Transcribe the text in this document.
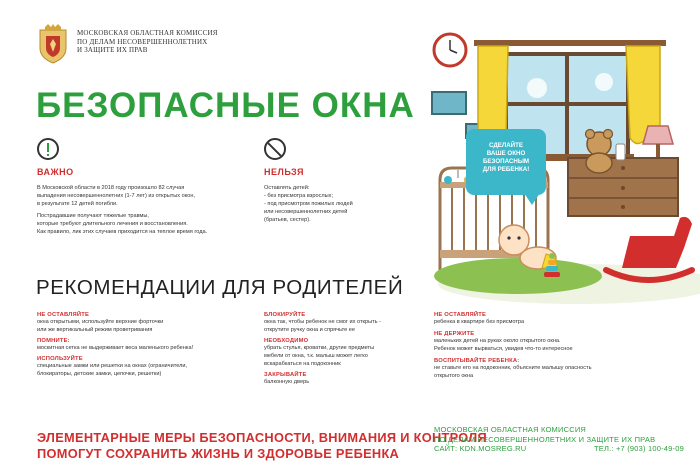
МОСКОВСКАЯ ОБЛАСТНАЯ КОМИССИЯ
ПО ДЕЛАМ НЕСОВЕРШЕННОЛЕТНИХ
И ЗАЩИТЕ ИХ ПРАВ
БЕЗОПАСНЫЕ ОКНА
ВАЖНО
В Московской области в 2018 году произошло 82 случая
выпадения несовершеннолетних (1-7 лет) из открытых окон,
в результате 12 детей погибли.
Пострадавшие получают тяжелые травмы,
которые требуют длительного лечения и восстановления.
Как правило, лик этих случаев приходится на теплое время года.
НЕЛЬЗЯ
Оставлять детей:
- без присмотра взрослых;
- под присмотром пожилых людей
или несовершеннолетних детей
(братьев, сестер).
СДЕЛАЙТЕ
ВАШЕ ОКНО
БЕЗОПАСНЫМ
ДЛЯ РЕБЕНКА!
РЕКОМЕНДАЦИИ ДЛЯ РОДИТЕЛЕЙ
НЕ ОСТАВЛЯЙТЕ
окна открытыми, используйте верхние форточки
или же вертикальный режим проветривания
ПОМНИТЕ:
москитная сетка не выдерживает веса маленького ребенка!
ИСПОЛЬЗУЙТЕ
специальные замки или решетки на окнах (ограничители,
блокираторы, детские замки, цепочки, решетки)
БЛОКИРУЙТЕ
окна так, чтобы ребенок не смог их открыть -
открутите ручку окна и спрячьте ее
НЕОБХОДИМО
убрать стулья, кроватки, другие предметы
мебели от окна, т.к. малыш может легко
вскарабкаться на подоконник
ЗАКРЫВАЙТЕ
балконную дверь
НЕ ОСТАВЛЯЙТЕ
ребенка в квартире без присмотра
НЕ ДЕРЖИТЕ
маленьких детей на руках около открытого окна.
Ребенок может вырваться, увидев что-то интересное
ВОСПИТЫВАЙТЕ РЕБЕНКА:
не ставьте его на подоконник, объясните малышу опасность
открытого окна
ЭЛЕМЕНТАРНЫЕ МЕРЫ БЕЗОПАСНОСТИ, ВНИМАНИЯ И КОНТРОЛЯ
ПОМОГУТ СОХРАНИТЬ ЖИЗНЬ И ЗДОРОВЬЕ РЕБЕНКА
МОСКОВСКАЯ ОБЛАСТНАЯ КОМИССИЯ
ПО ДЕЛАМ НЕСОВЕРШЕННОЛЕТНИХ И ЗАЩИТЕ ИХ ПРАВ
САЙТ: KDN.MOSREG.RU	ТЕЛ.: +7 (903) 100-49-09
